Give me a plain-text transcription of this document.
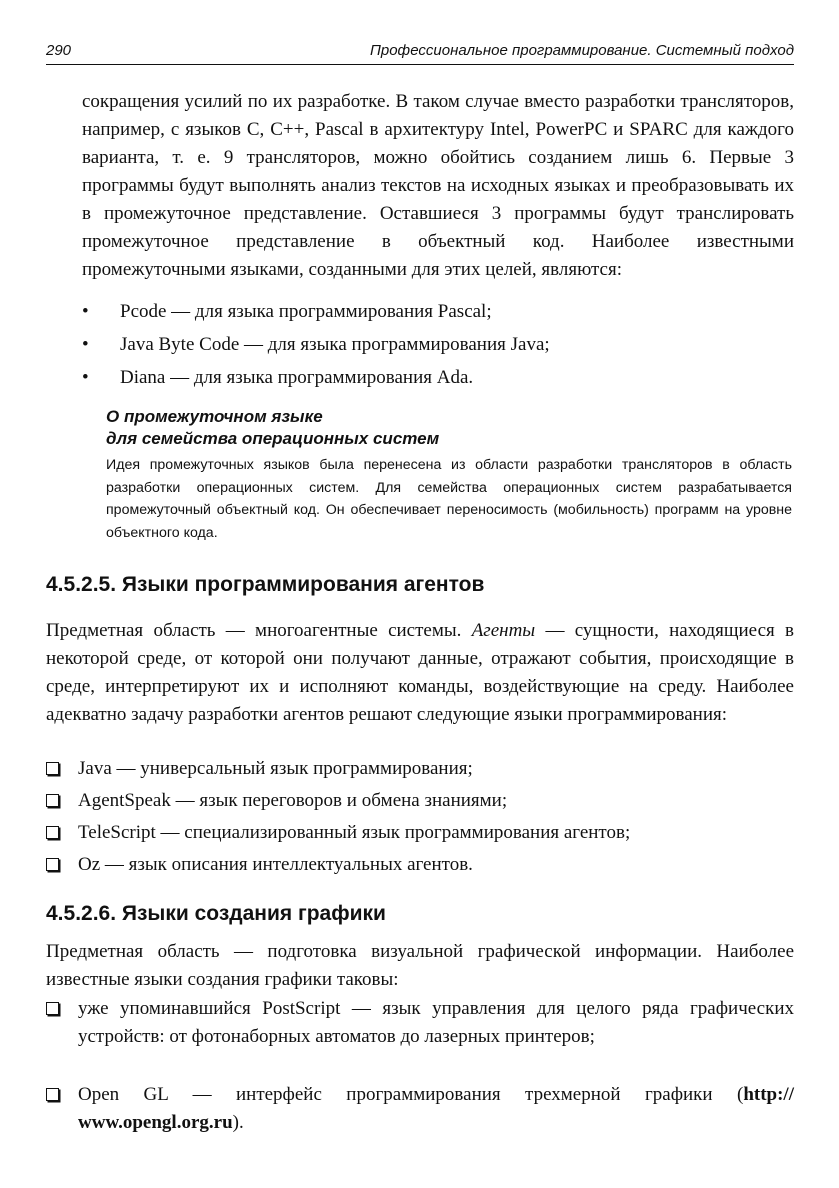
290	Профессиональное программирование. Системный подход
сокращения усилий по их разработке. В таком случае вместо разработки трансляторов, например, с языков С, С++, Pascal в архитектуру Intel, PowerPC и SPARC для каждого варианта, т. е. 9 трансляторов, можно обойтись созданием лишь 6. Первые 3 программы будут выполнять анализ текстов на исходных языках и преобразовывать их в промежуточное представление. Оставшиеся 3 программы будут транслировать промежуточное представление в объектный код. Наиболее известными промежуточными языками, созданными для этих целей, являются:
• Pcode — для языка программирования Pascal;
• Java Byte Code — для языка программирования Java;
• Diana — для языка программирования Ada.
О промежуточном языке
для семейства операционных систем
Идея промежуточных языков была перенесена из области разработки трансляторов в область разработки операционных систем. Для семейства операционных систем разрабатывается промежуточный объектный код. Он обеспечивает переносимость (мобильность) программ на уровне объектного кода.
4.5.2.5. Языки программирования агентов
Предметная область — многоагентные системы. Агенты — сущности, находящиеся в некоторой среде, от которой они получают данные, отражают события, происходящие в среде, интерпретируют их и исполняют команды, воздействующие на среду. Наиболее адекватно задачу разработки агентов решают следующие языки программирования:
Java — универсальный язык программирования;
AgentSpeak — язык переговоров и обмена знаниями;
TeleScript — специализированный язык программирования агентов;
Oz — язык описания интеллектуальных агентов.
4.5.2.6. Языки создания графики
Предметная область — подготовка визуальной графической информации. Наиболее известные языки создания графики таковы:
уже упоминавшийся PostScript — язык управления для целого ряда графических устройств: от фотонаборных автоматов до лазерных принтеров;
Open GL — интерфейс программирования трехмерной графики (http:// www.opengl.org.ru).
